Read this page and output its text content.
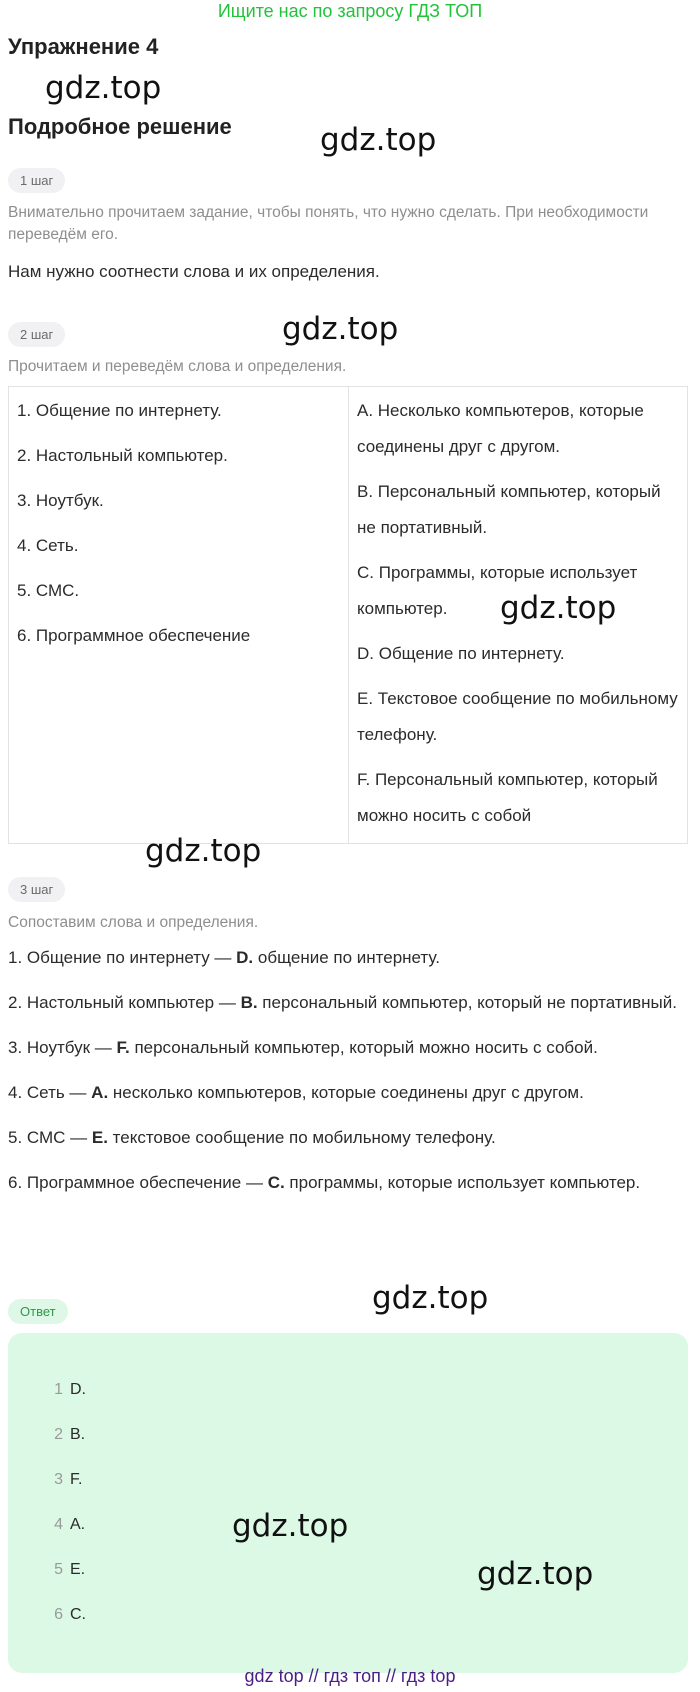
Ищите нас по запросу ГДЗ ТОП
Упражнение 4
gdz.top
Подробное решение	gdz.top
1 шаг
Внимательно прочитаем задание, чтобы понять, что нужно сделать. При необходимости переведём его.
Нам нужно соотнести слова и их определения.
2 шаг	gdz.top
Прочитаем и переведём слова и определения.

1. Общение по интернету.

2. Настольный компьютер.

3. Ноутбук.

4. Сеть.

5. СМС.

6. Программное обеспечение

A. Несколько компьютеров, которые соединены друг с другом.

B. Персональный компьютер, который не портативный.

C. Программы, которые использует компьютер.

D. Общение по интернету.

E. Текстовое сообщение по мобильному телефону.

F. Персональный компьютер, который можно носить с собой

gdz.top
gdz.top
3 шаг
Сопоставим слова и определения.

1. Общение по интернету — D. общение по интернету.

2. Настольный компьютер — B. персональный компьютер, который не портативный.

3. Ноутбук — F. персональный компьютер, который можно носить с собой.

4. Сеть — A. несколько компьютеров, которые соединены друг с другом.

5. СМС — E. текстовое сообщение по мобильному телефону.

6. Программное обеспечение — C. программы, которые использует компьютер.

Ответ	gdz.top
1 D.
2 B.
3 F.
4 A.
5 E.
6 C.
gdz.top
gdz.top
gdz top // гдз топ // гдз top
